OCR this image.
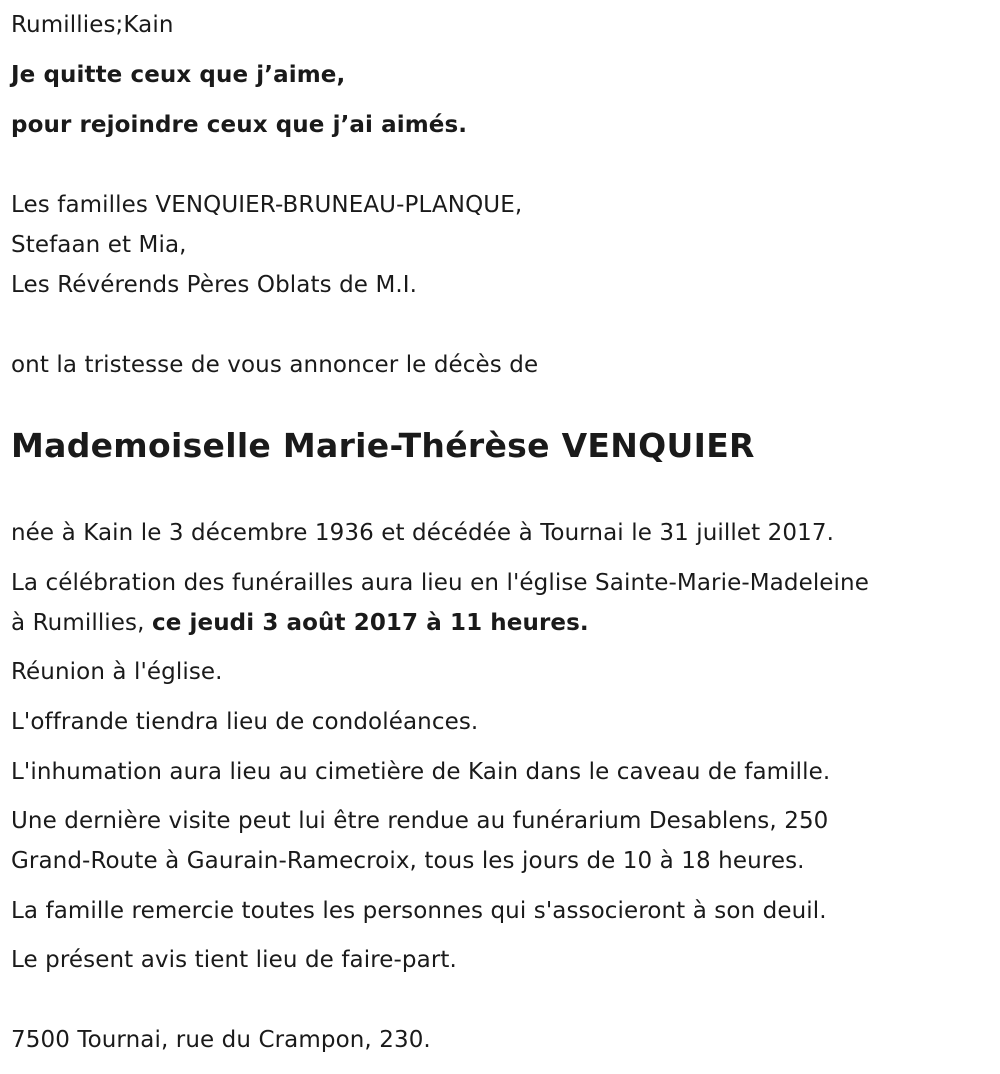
Rumillies;Kain
Je quitte ceux que j’aime,
pour rejoindre ceux que j’ai aimés.
Les familles VENQUIER-BRUNEAU-PLANQUE,
Stefaan et Mia,
Les Révérends Pères Oblats de M.I.
ont la tristesse de vous annoncer le décès de
Mademoiselle Marie-Thérèse VENQUIER
née à Kain le 3 décembre 1936 et décédée à Tournai le 31 juillet 2017.
La célébration des funérailles aura lieu en l'église Sainte-Marie-Madeleine
à Rumillies, ce jeudi 3 août 2017 à 11 heures.
Réunion à l'église.
L'offrande tiendra lieu de condoléances.
L'inhumation aura lieu au cimetière de Kain dans le caveau de famille.
Une dernière visite peut lui être rendue au funérarium Desablens, 250
Grand-Route à Gaurain-Ramecroix, tous les jours de 10 à 18 heures.
La famille remercie toutes les personnes qui s'associeront à son deuil.
Le présent avis tient lieu de faire-part.
7500 Tournai, rue du Crampon, 230.
